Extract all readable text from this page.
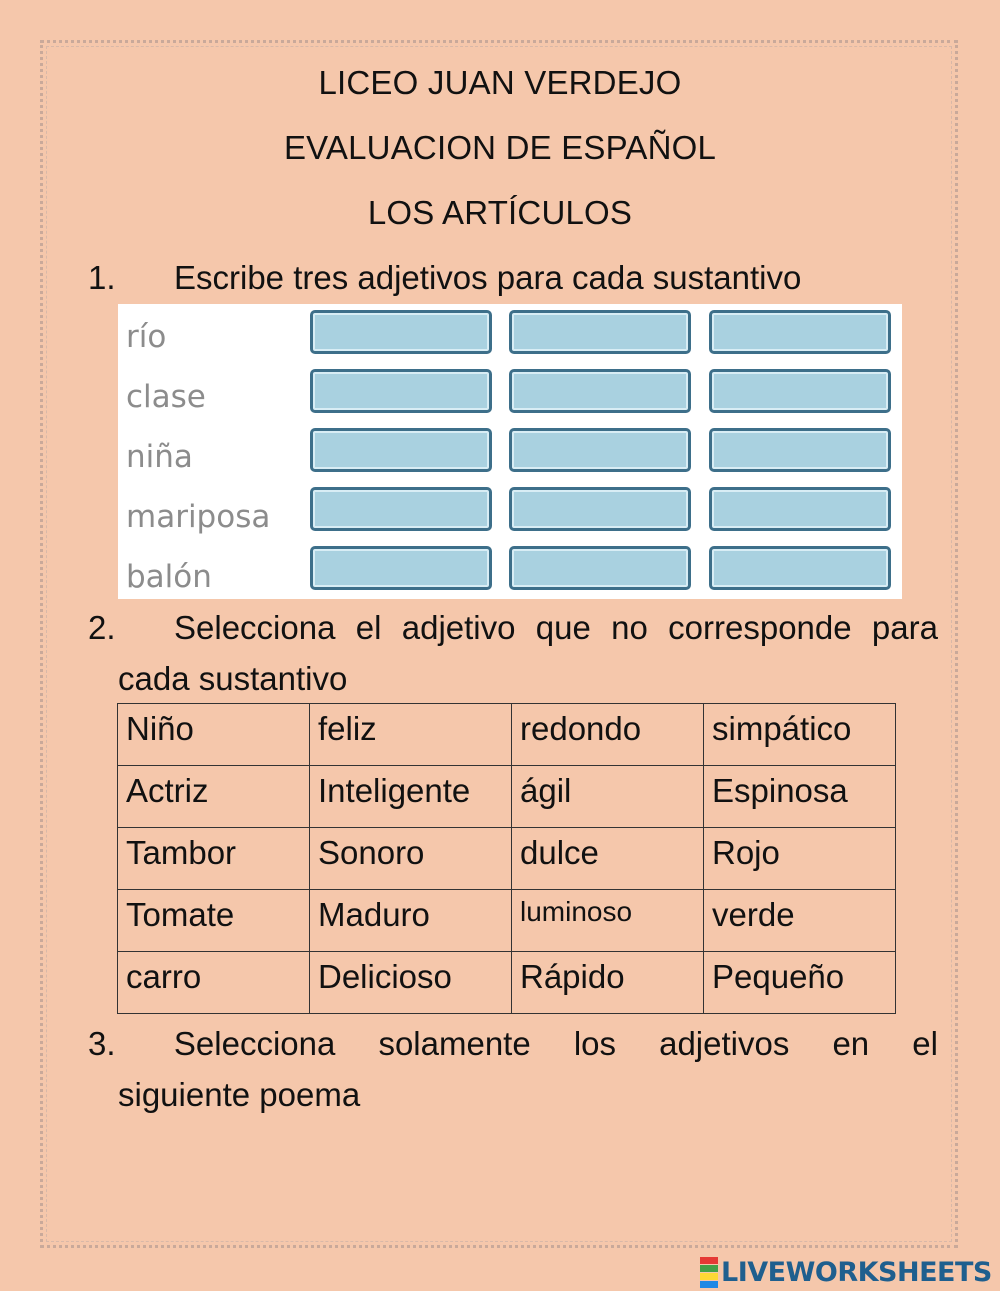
LICEO JUAN VERDEJO
EVALUACION DE ESPAÑOL
LOS ARTÍCULOS
1. Escribe tres adjetivos para cada sustantivo
río
clase
niña
mariposa
balón
2.	Selecciona el adjetivo que no corresponde para
cada sustantivo
Niño	feliz	redondo	simpático
Actriz	Inteligente	ágil	Espinosa
Tambor	Sonoro	dulce	Rojo
Tomate	Maduro	luminoso	verde
carro	Delicioso	Rápido	Pequeño
3.	Selecciona solamente los adjetivos en el
siguiente poema
LIVEWORKSHEETS
